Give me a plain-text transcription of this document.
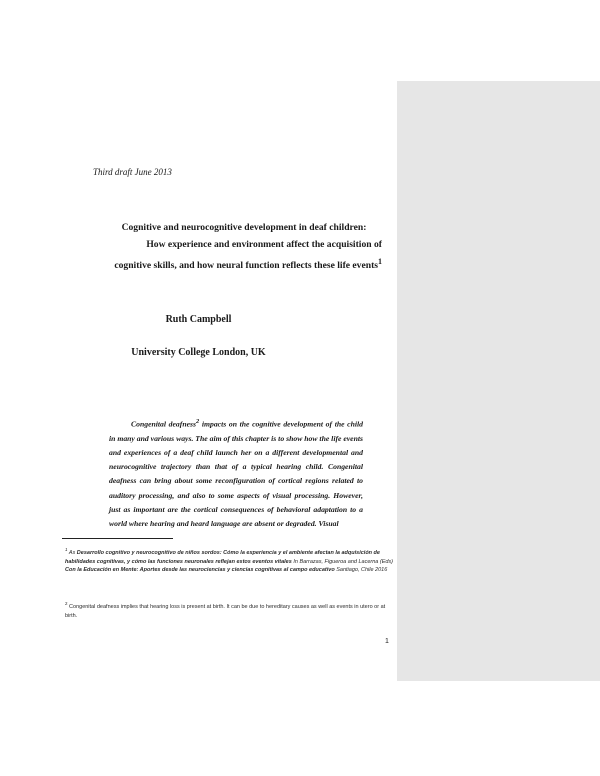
Third draft June 2013
Cognitive and neurocognitive development in deaf children:
How experience and environment affect the acquisition of
cognitive skills, and how neural function reflects these life events$^1$
Ruth Campbell
University College London, UK

Congenital deafness$^2$ impacts on the cognitive development of the child in many and various ways. The aim of this chapter is to show how the life events and experiences of a deaf child launch her on a different developmental and neurocognitive trajectory than that of a typical hearing child. Congenital deafness can bring about some reconfiguration of cortical regions related to auditory processing, and also to some aspects of visual processing. However, just as important are the cortical consequences of behavioral adaptation to a world where hearing and heard language are absent or degraded. Visual

$^1$ As Desarrollo cognitivo y neurocognitivo de niños sordos: Cómo la experiencia y el ambiente afectan la adquisición de habilidades cognitivas, y cómo las funciones neuronales reflejan estos eventos vitales In Barrazas, Figueroa and Lacerna (Eds) Con la Educación en Mente: Aportes desde las neurociencias y ciencias cognitivas al campo educativo Santiago, Chile 2016
$^2$ Congenital deafness implies that hearing loss is present at birth. It can be due to hereditary causes as well as events in utero or at birth.
1
